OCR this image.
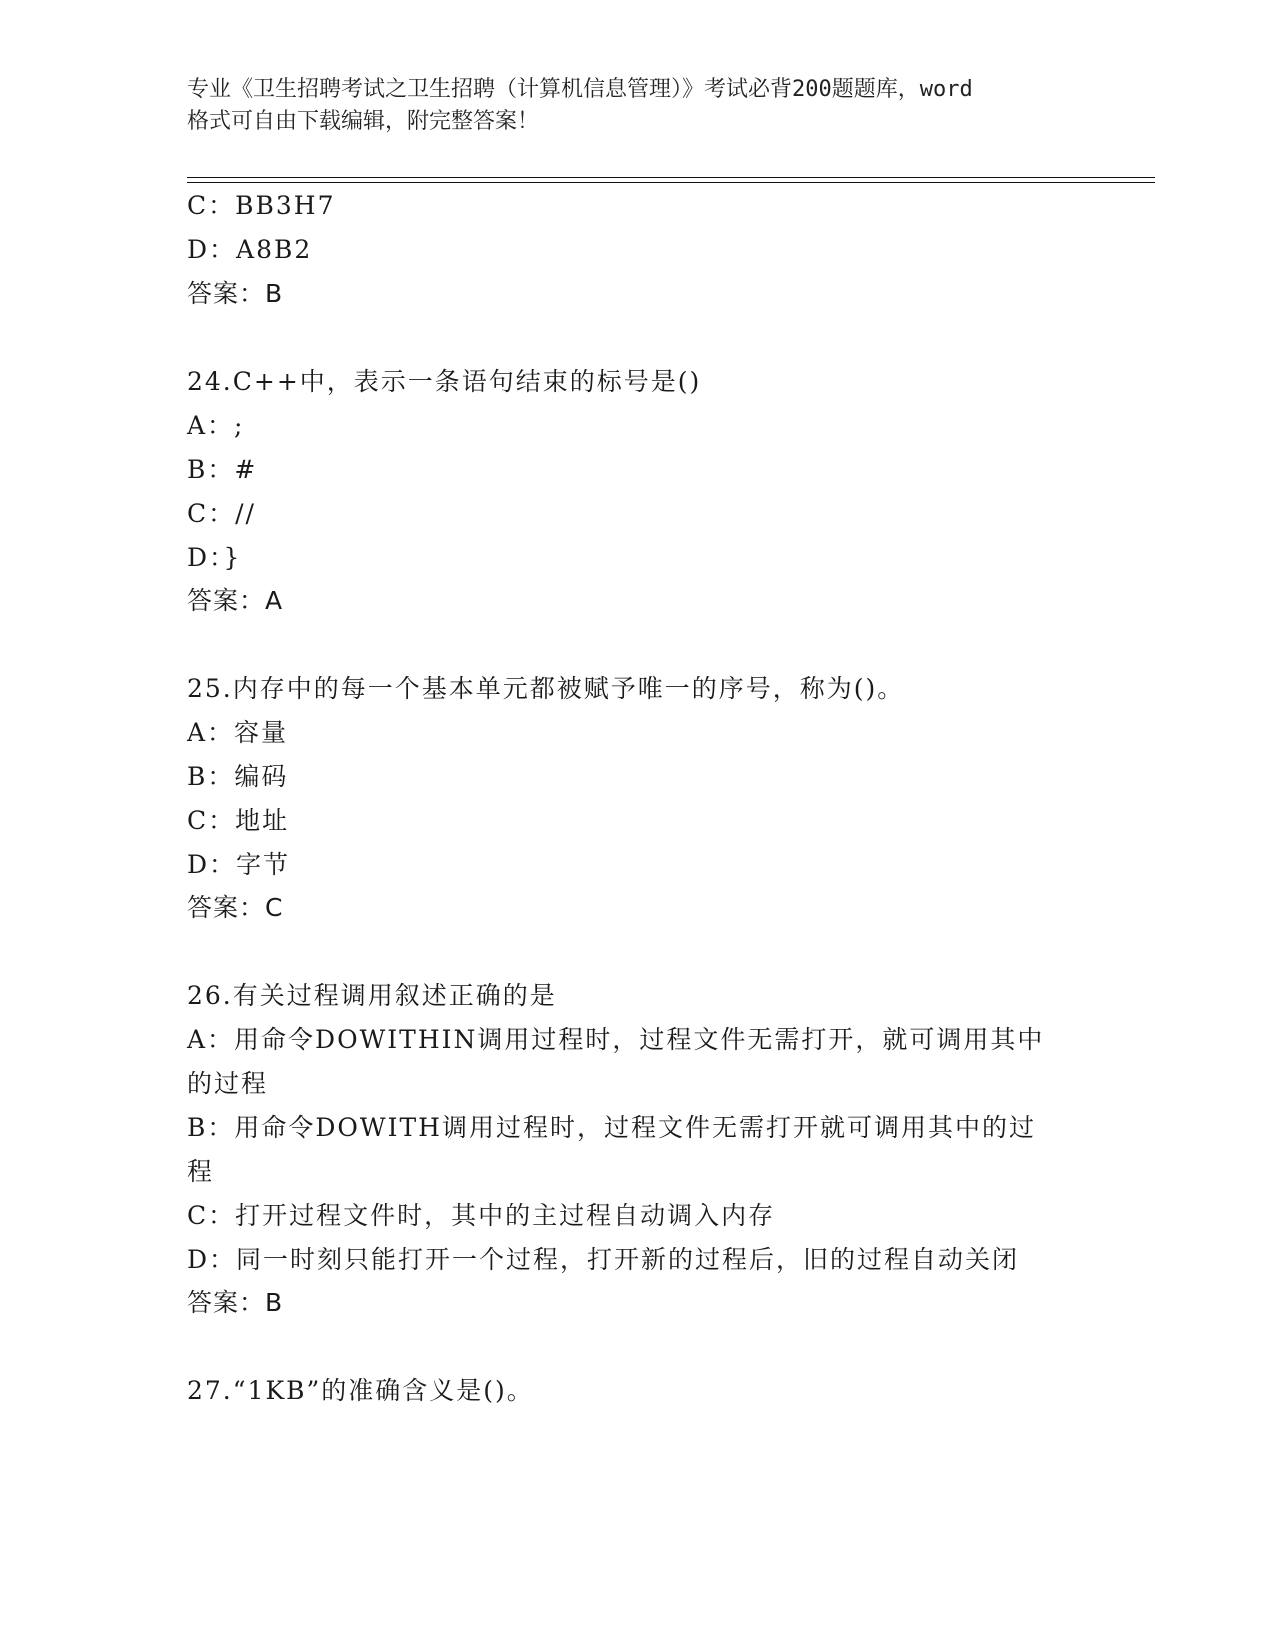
专业《卫生招聘考试之卫生招聘（计算机信息管理）》考试必背200题题库，word
格式可自由下载编辑，附完整答案！
C：BB3H7
D：A8B2
答案：B
24.C++中，表示一条语句结束的标号是()
A：;
B：#
C：//
D：}
答案：A
25.内存中的每一个基本单元都被赋予唯一的序号，称为()。
A：容量
B：编码
C：地址
D：字节
答案：C
26.有关过程调用叙述正确的是
A：用命令DOWITHIN调用过程时，过程文件无需打开，就可调用其中
的过程
B：用命令DOWITH调用过程时，过程文件无需打开就可调用其中的过
程
C：打开过程文件时，其中的主过程自动调入内存
D：同一时刻只能打开一个过程，打开新的过程后，旧的过程自动关闭
答案：B
27.“1KB”的准确含义是()。
